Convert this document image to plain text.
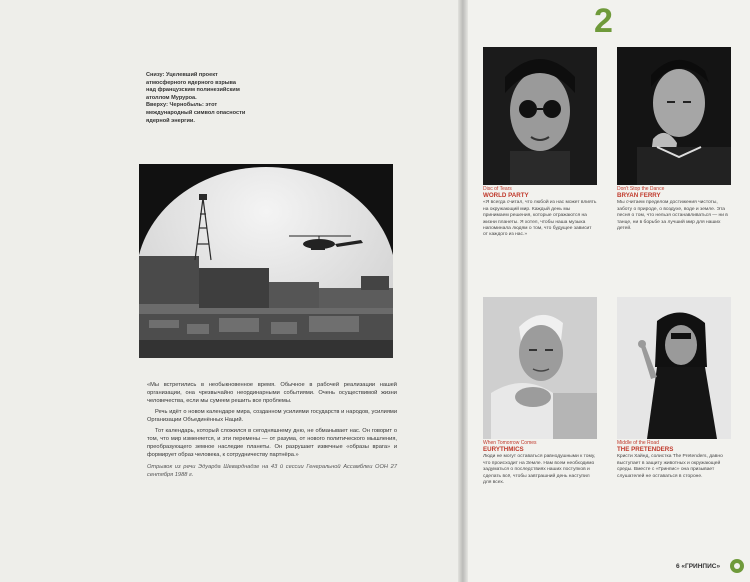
Снизу: Уцелевший проект

атмосферного ядерного взрыва

над французским полинезийским

атоллом Муруроа.

Вверху: Чернобыль: этот

международный символ опасности

ядерной энергии.

«Мы встретились в необыкновенное время. Обычное в рабочей реализации нашей организации, она чрезвычайно неординарными событиями. Очень осуществимой жизни человечества, если мы сумеем решить все проблемы.

Речь идёт о новом календаре мира, созданном усилиями государств и народов, усилиями Организации Объединённых Наций.

Тот календарь, который сложился в сегодняшнему дню, не обманывает нас. Он говорит о том, что мир изменяется, и эти перемены — от разума, от нового политического мышления, преобразующего земное наследие планеты. Он разрушает извечные «образы врага» и формирует образ человека, к сотрудничеству партнёра.»

Отрывок из речи Эдуарда Шеварднадзе на 43 й сессии Генеральной Ассамблеи ООН 27 сентября 1988 г.

2
Disc of Tears
WORLD PARTY
«Я всегда считал, что любой из нас может влиять на окружающий мир. Каждый день мы принимаем решения, которые отражаются на жизни планеты. Я хотел, чтобы наша музыка напоминала людям о том, что будущее зависит от каждого из нас.»
Don't Stop the Dance
BRYAN FERRY
Мы считаем пределом достижения чистоты, заботу о природе, о воздухе, воде и земле. Эта песня о том, что нельзя останавливаться — ни в танце, ни в борьбе за лучший мир для наших детей.
When Tomorrow Comes
EURYTHMICS
Люди не могут оставаться равнодушными к тому, что происходит на Земле. Нам всем необходимо задуматься о последствиях наших поступков и сделать всё, чтобы завтрашний день наступил для всех.
Middle of the Road
THE PRETENDERS
Кристи Хайнд, солистка The Pretenders, давно выступает в защиту животных и окружающей среды. Вместе с «Гринпис» она призывает слушателей не оставаться в стороне.
6 «ГРИНПИС»
